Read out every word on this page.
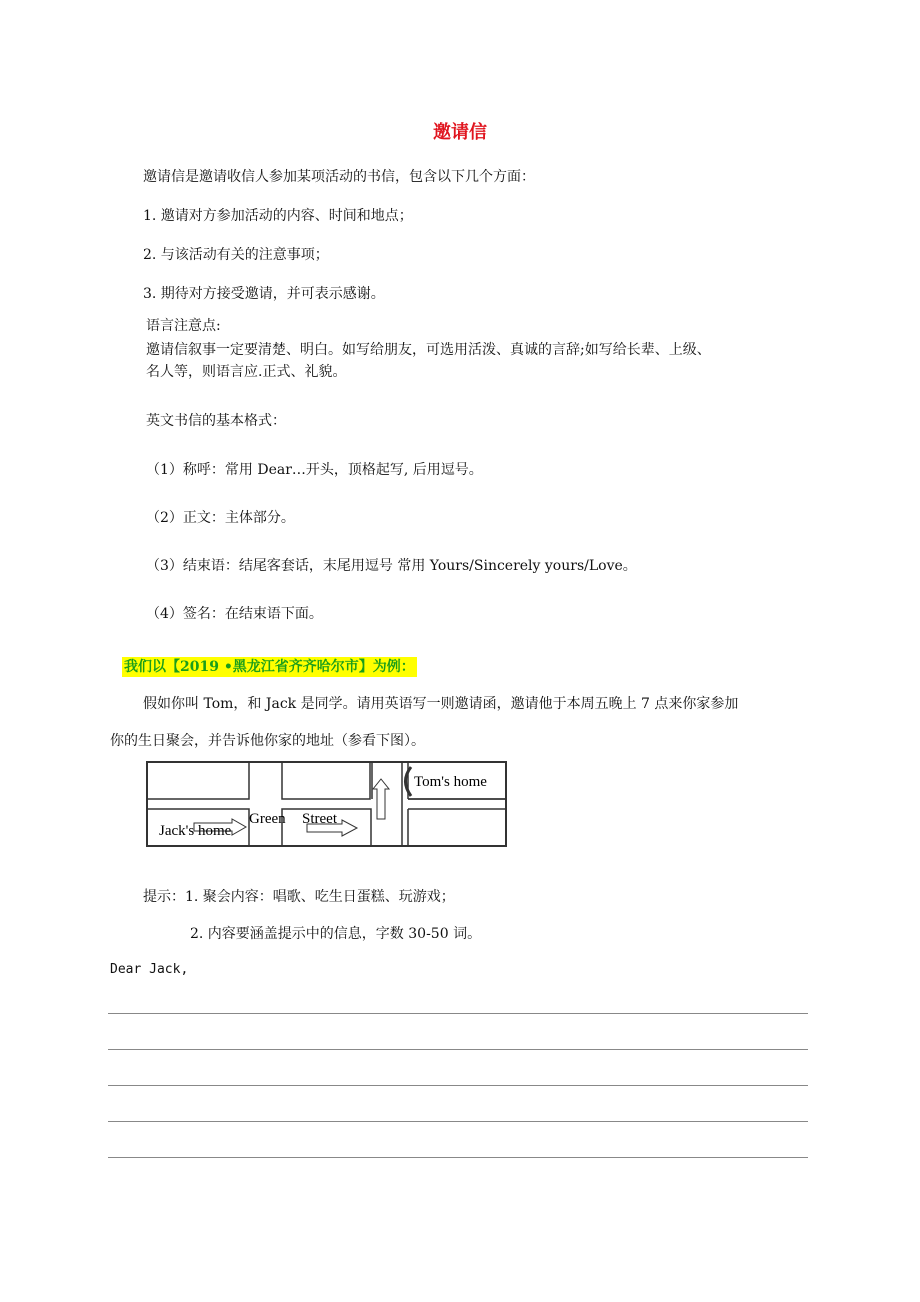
邀请信
邀请信是邀请收信人参加某项活动的书信，包含以下几个方面：
1. 邀请对方参加活动的内容、时间和地点；
2. 与该活动有关的注意事项；
3. 期待对方接受邀请，并可表示感谢。
语言注意点:
邀请信叙事一定要清楚、明白。如写给朋友，可选用活泼、真诚的言辞;如写给长辈、上级、
名人等，则语言应.正式、礼貌。
英文书信的基本格式：
（1）称呼：常用 Dear…开头，顶格起写, 后用逗号。
（2）正文：主体部分。
（3）结束语：结尾客套话，末尾用逗号 常用 Yours/Sincerely yours/Love。
（4）签名：在结束语下面。
我们以【2019 •黑龙江省齐齐哈尔市】为例：
假如你叫 Tom，和 Jack 是同学。请用英语写一则邀请函，邀请他于本周五晚上 7 点来你家参加
你的生日聚会，并告诉他你家的地址（参看下图）。
Tom's home
Jack's home
Green Street
提示：1. 聚会内容：唱歌、吃生日蛋糕、玩游戏；
2. 内容要涵盖提示中的信息，字数 30-50 词。
Dear Jack,
